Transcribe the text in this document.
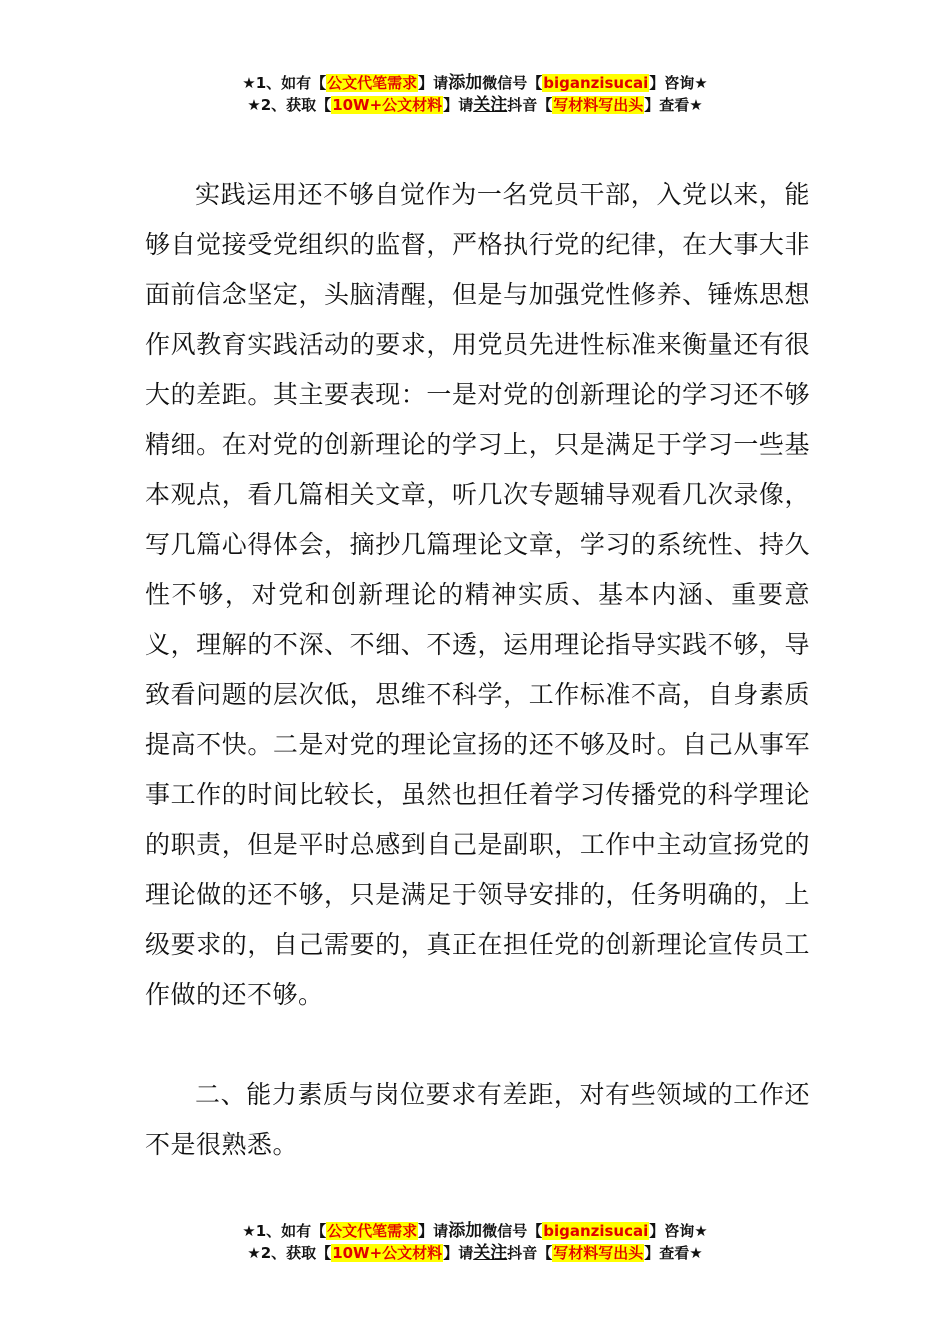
★1、如有【公文代笔需求】请添加微信号【biganzisucai】咨询★
★2、获取【10W+公文材料】请关注抖音【写材料写出头】查看★

实践运用还不够自觉作为一名党员干部，入党以来，能够自觉接受党组织的监督，严格执行党的纪律，在大事大非面前信念坚定，头脑清醒，但是与加强党性修养、锤炼思想作风教育实践活动的要求，用党员先进性标准来衡量还有很大的差距。其主要表现：一是对党的创新理论的学习还不够精细。在对党的创新理论的学习上，只是满足于学习一些基本观点，看几篇相关文章，听几次专题辅导观看几次录像，写几篇心得体会，摘抄几篇理论文章，学习的系统性、持久性不够，对党和创新理论的精神实质、基本内涵、重要意义，理解的不深、不细、不透，运用理论指导实践不够，导致看问题的层次低，思维不科学，工作标准不高，自身素质提高不快。二是对党的理论宣扬的还不够及时。自己从事军事工作的时间比较长，虽然也担任着学习传播党的科学理论的职责，但是平时总感到自己是副职，工作中主动宣扬党的理论做的还不够，只是满足于领导安排的，任务明确的，上级要求的，自己需要的，真正在担任党的创新理论宣传员工作做的还不够。

二、能力素质与岗位要求有差距，对有些领域的工作还不是很熟悉。

★1、如有【公文代笔需求】请添加微信号【biganzisucai】咨询★
★2、获取【10W+公文材料】请关注抖音【写材料写出头】查看★
